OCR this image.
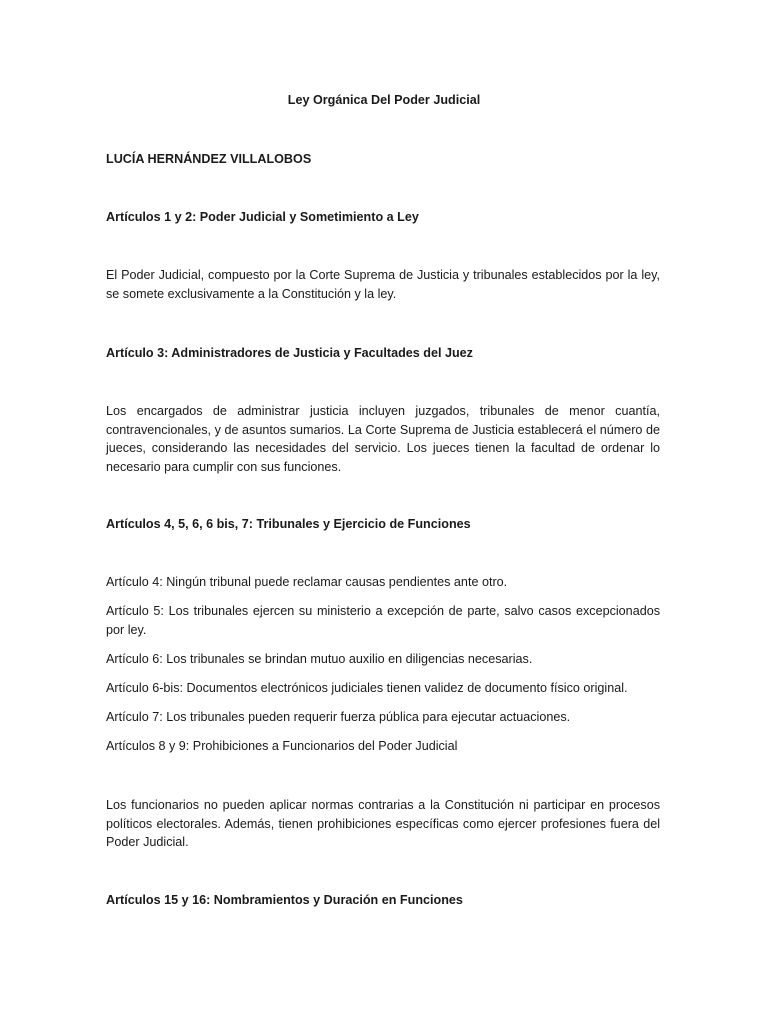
Ley Orgánica Del Poder Judicial

LUCÍA HERNÁNDEZ VILLALOBOS

Artículos 1 y 2: Poder Judicial y Sometimiento a Ley

El Poder Judicial, compuesto por la Corte Suprema de Justicia y tribunales establecidos por la ley, se somete exclusivamente a la Constitución y la ley.

Artículo 3: Administradores de Justicia y Facultades del Juez

Los encargados de administrar justicia incluyen juzgados, tribunales de menor cuantía, contravencionales, y de asuntos sumarios. La Corte Suprema de Justicia establecerá el número de jueces, considerando las necesidades del servicio. Los jueces tienen la facultad de ordenar lo necesario para cumplir con sus funciones.

Artículos 4, 5, 6, 6 bis, 7: Tribunales y Ejercicio de Funciones

Artículo 4: Ningún tribunal puede reclamar causas pendientes ante otro.

Artículo 5: Los tribunales ejercen su ministerio a excepción de parte, salvo casos excepcionados por ley.

Artículo 6: Los tribunales se brindan mutuo auxilio en diligencias necesarias.

Artículo 6-bis: Documentos electrónicos judiciales tienen validez de documento físico original.

Artículo 7: Los tribunales pueden requerir fuerza pública para ejecutar actuaciones.

Artículos 8 y 9: Prohibiciones a Funcionarios del Poder Judicial

Los funcionarios no pueden aplicar normas contrarias a la Constitución ni participar en procesos políticos electorales. Además, tienen prohibiciones específicas como ejercer profesiones fuera del Poder Judicial.

Artículos 15 y 16: Nombramientos y Duración en Funciones
